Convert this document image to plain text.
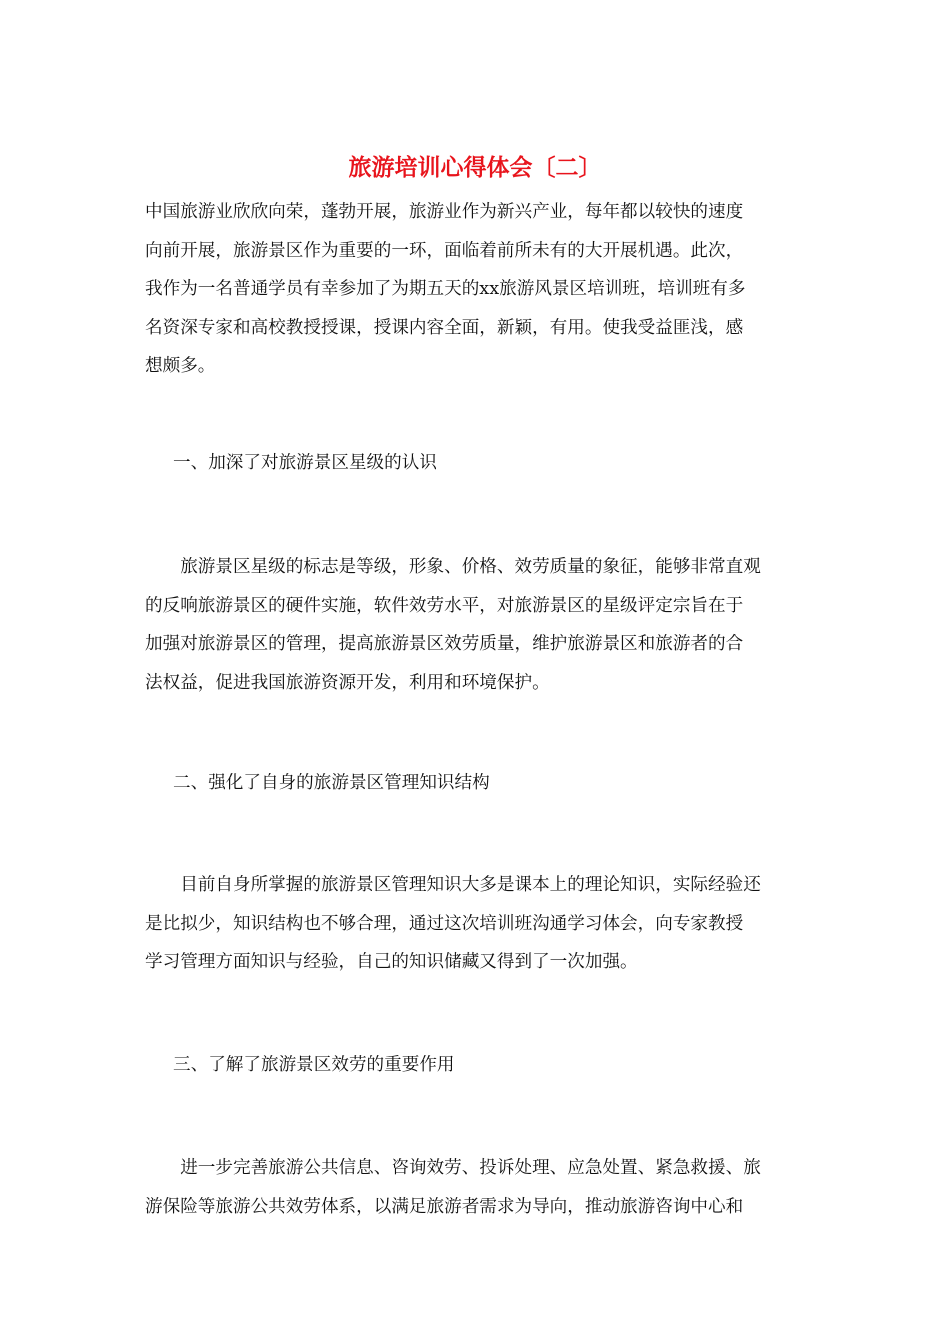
旅游培训心得体会〔二〕

中国旅游业欣欣向荣，蓬勃开展，旅游业作为新兴产业，每年都以较快的速度
向前开展，旅游景区作为重要的一环，面临着前所未有的大开展机遇。此次，
我作为一名普通学员有幸参加了为期五天的xx旅游风景区培训班，培训班有多
名资深专家和高校教授授课，授课内容全面，新颖，有用。使我受益匪浅，感
想颇多。

一、加深了对旅游景区星级的认识

　　旅游景区星级的标志是等级，形象、价格、效劳质量的象征，能够非常直观
的反响旅游景区的硬件实施，软件效劳水平，对旅游景区的星级评定宗旨在于
加强对旅游景区的管理，提高旅游景区效劳质量，维护旅游景区和旅游者的合
法权益，促进我国旅游资源开发，利用和环境保护。

二、强化了自身的旅游景区管理知识结构

　　目前自身所掌握的旅游景区管理知识大多是课本上的理论知识，实际经验还
是比拟少，知识结构也不够合理，通过这次培训班沟通学习体会，向专家教授
学习管理方面知识与经验，自己的知识储藏又得到了一次加强。

三、了解了旅游景区效劳的重要作用

　　进一步完善旅游公共信息、咨询效劳、投诉处理、应急处置、紧急救援、旅
游保险等旅游公共效劳体系，以满足旅游者需求为导向，推动旅游咨询中心和
